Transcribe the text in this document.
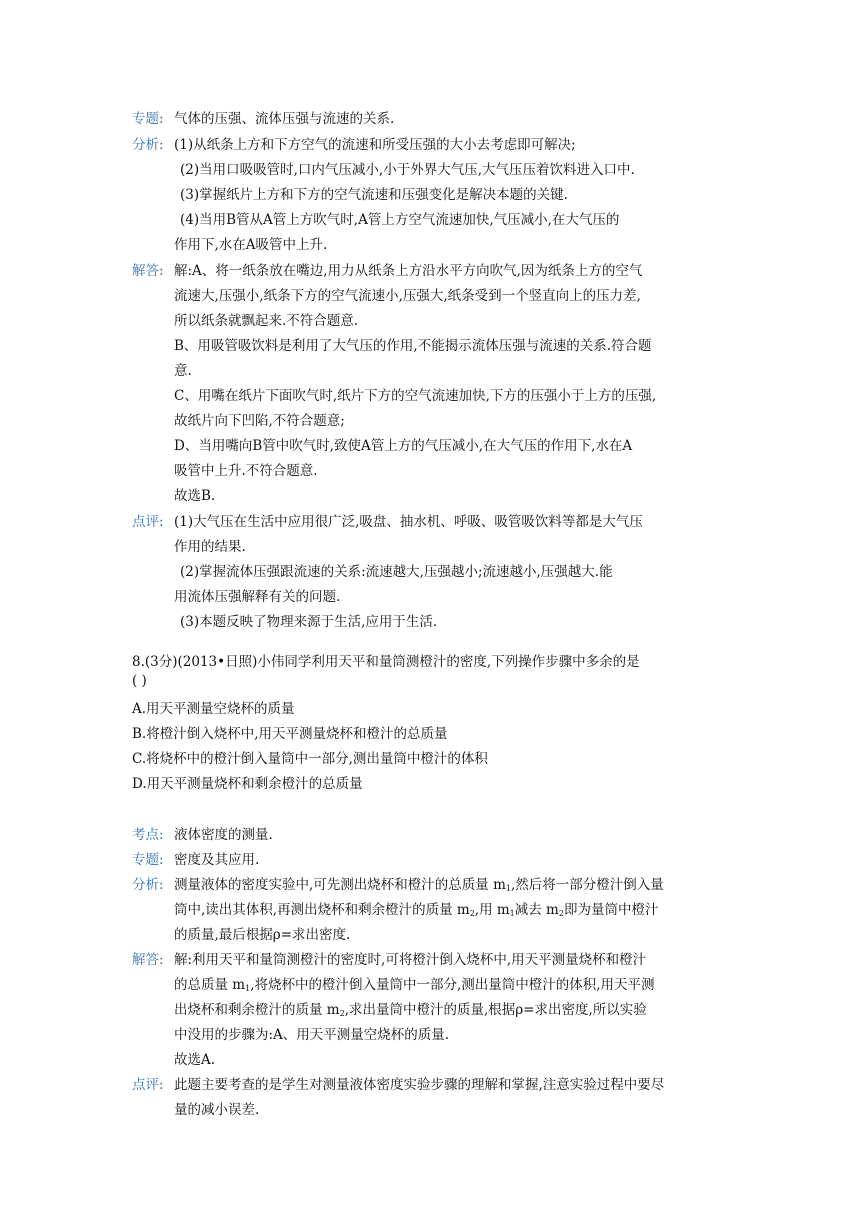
专题: 气体的压强、流体压强与流速的关系.
分析: (1)从纸条上方和下方空气的流速和所受压强的大小去考虑即可解决;
(2)当用口吸吸管时,口内气压减小,小于外界大气压,大气压压着饮料进入口中.
(3)掌握纸片上方和下方的空气流速和压强变化是解决本题的关键.
(4)当用B管从A管上方吹气时,A管上方空气流速加快,气压减小,在大气压的
作用下,水在A吸管中上升.
解答: 解:A、将一纸条放在嘴边,用力从纸条上方沿水平方向吹气,因为纸条上方的空气
流速大,压强小,纸条下方的空气流速小,压强大,纸条受到一个竖直向上的压力差,
所以纸条就飘起来.不符合题意.
B、用吸管吸饮料是利用了大气压的作用,不能揭示流体压强与流速的关系.符合题
意.
C、用嘴在纸片下面吹气时,纸片下方的空气流速加快,下方的压强小于上方的压强,
故纸片向下凹陷,不符合题意;
D、当用嘴向B管中吹气时,致使A管上方的气压减小,在大气压的作用下,水在A
吸管中上升.不符合题意.
故选B.
点评: (1)大气压在生活中应用很广泛,吸盘、抽水机、呼吸、吸管吸饮料等都是大气压
作用的结果.
(2)掌握流体压强跟流速的关系:流速越大,压强越小;流速越小,压强越大.能
用流体压强解释有关的问题.
(3)本题反映了物理来源于生活,应用于生活.
8.(3分)(2013•日照)小伟同学利用天平和量筒测橙汁的密度,下列操作步骤中多余的是
( )
A.用天平测量空烧杯的质量
B.将橙汁倒入烧杯中,用天平测量烧杯和橙汁的总质量
C.将烧杯中的橙汁倒入量筒中一部分,测出量筒中橙汁的体积
D.用天平测量烧杯和剩余橙汁的总质量
考点: 液体密度的测量.
专题: 密度及其应用.
分析: 测量液体的密度实验中,可先测出烧杯和橙汁的总质量 $m_1$,然后将一部分橙汁倒入量
筒中,读出其体积,再测出烧杯和剩余橙汁的质量 $m_2$,用 $m_1$减去 $m_2$即为量筒中橙汁
的质量,最后根据ρ=求出密度.
解答: 解:利用天平和量筒测橙汁的密度时,可将橙汁倒入烧杯中,用天平测量烧杯和橙汁
的总质量 $m_1$,将烧杯中的橙汁倒入量筒中一部分,测出量筒中橙汁的体积,用天平测
出烧杯和剩余橙汁的质量 $m_2$,求出量筒中橙汁的质量,根据ρ=求出密度,所以实验
中没用的步骤为:A、用天平测量空烧杯的质量.
故选A.
点评: 此题主要考查的是学生对测量液体密度实验步骤的理解和掌握,注意实验过程中要尽
量的减小误差.
